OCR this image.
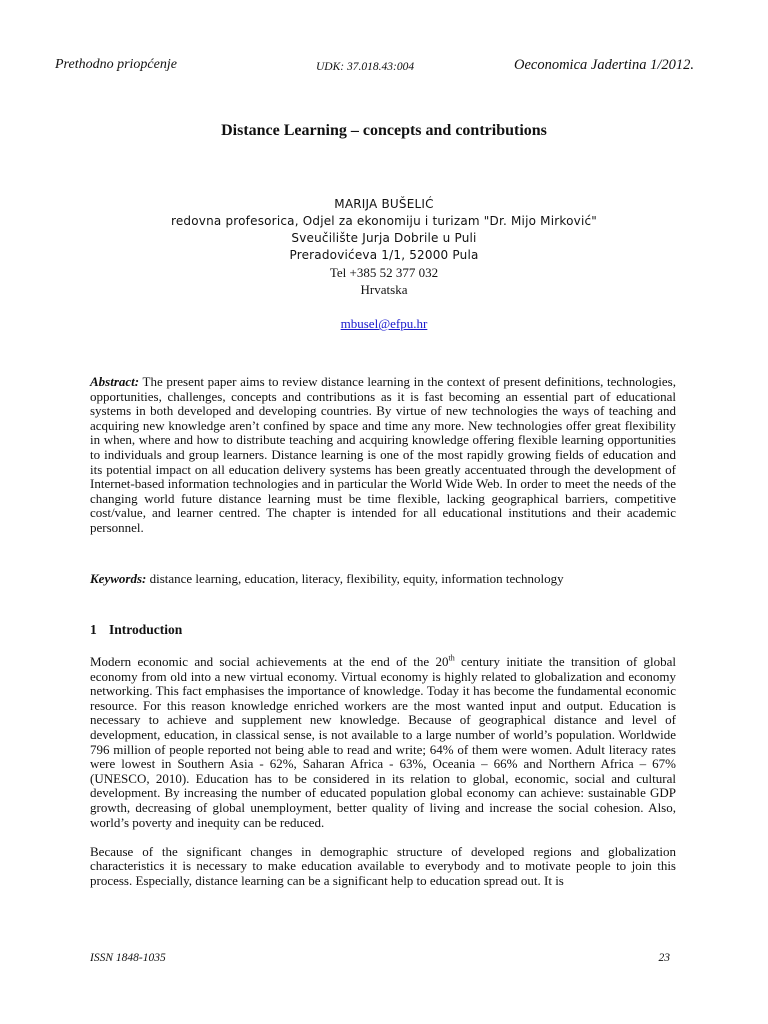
Prethodno priopćenje	UDK: 37.018.43:004	Oeconomica Jadertina 1/2012.
Distance Learning – concepts and contributions
MARIJA BUŠELIĆ
redovna profesorica, Odjel za ekonomiju i turizam "Dr. Mijo Mirković"
Sveučilište Jurja Dobrile u Puli
Preradovićeva 1/1, 52000 Pula
Tel +385 52 377 032
Hrvatska
mbusel@efpu.hr

Abstract: The present paper aims to review distance learning in the context of present definitions, technologies, opportunities, challenges, concepts and contributions as it is fast becoming an essential part of educational systems in both developed and developing countries. By virtue of new technologies the ways of teaching and acquiring new knowledge aren’t confined by space and time any more. New technologies offer great flexibility in when, where and how to distribute teaching and acquiring knowledge offering flexible learning opportunities to individuals and group learners. Distance learning is one of the most rapidly growing fields of education and its potential impact on all education delivery systems has been greatly accentuated through the development of Internet-based information technologies and in particular the World Wide Web. In order to meet the needs of the changing world future distance learning must be time flexible, lacking geographical barriers, competitive cost/value, and learner centred. The chapter is intended for all educational institutions and their academic personnel.

Keywords: distance learning, education, literacy, flexibility, equity, information technology

1 Introduction

Modern economic and social achievements at the end of the 20th century initiate the transition of global economy from old into a new virtual economy. Virtual economy is highly related to globalization and economy networking. This fact emphasises the importance of knowledge. Today it has become the fundamental economic resource. For this reason knowledge enriched workers are the most wanted input and output. Education is necessary to achieve and supplement new knowledge. Because of geographical distance and level of development, education, in classical sense, is not available to a large number of world’s population. Worldwide 796 million of people reported not being able to read and write; 64% of them were women. Adult literacy rates were lowest in Southern Asia - 62%, Saharan Africa - 63%, Oceania – 66% and Northern Africa – 67% (UNESCO, 2010). Education has to be considered in its relation to global, economic, social and cultural development. By increasing the number of educated population global economy can achieve: sustainable GDP growth, decreasing of global unemployment, better quality of living and increase the social cohesion. Also, world’s poverty and inequity can be reduced.

Because of the significant changes in demographic structure of developed regions and globalization characteristics it is necessary to make education available to everybody and to motivate people to join this process. Especially, distance learning can be a significant help to education spread out. It is

ISSN 1848-1035	23
